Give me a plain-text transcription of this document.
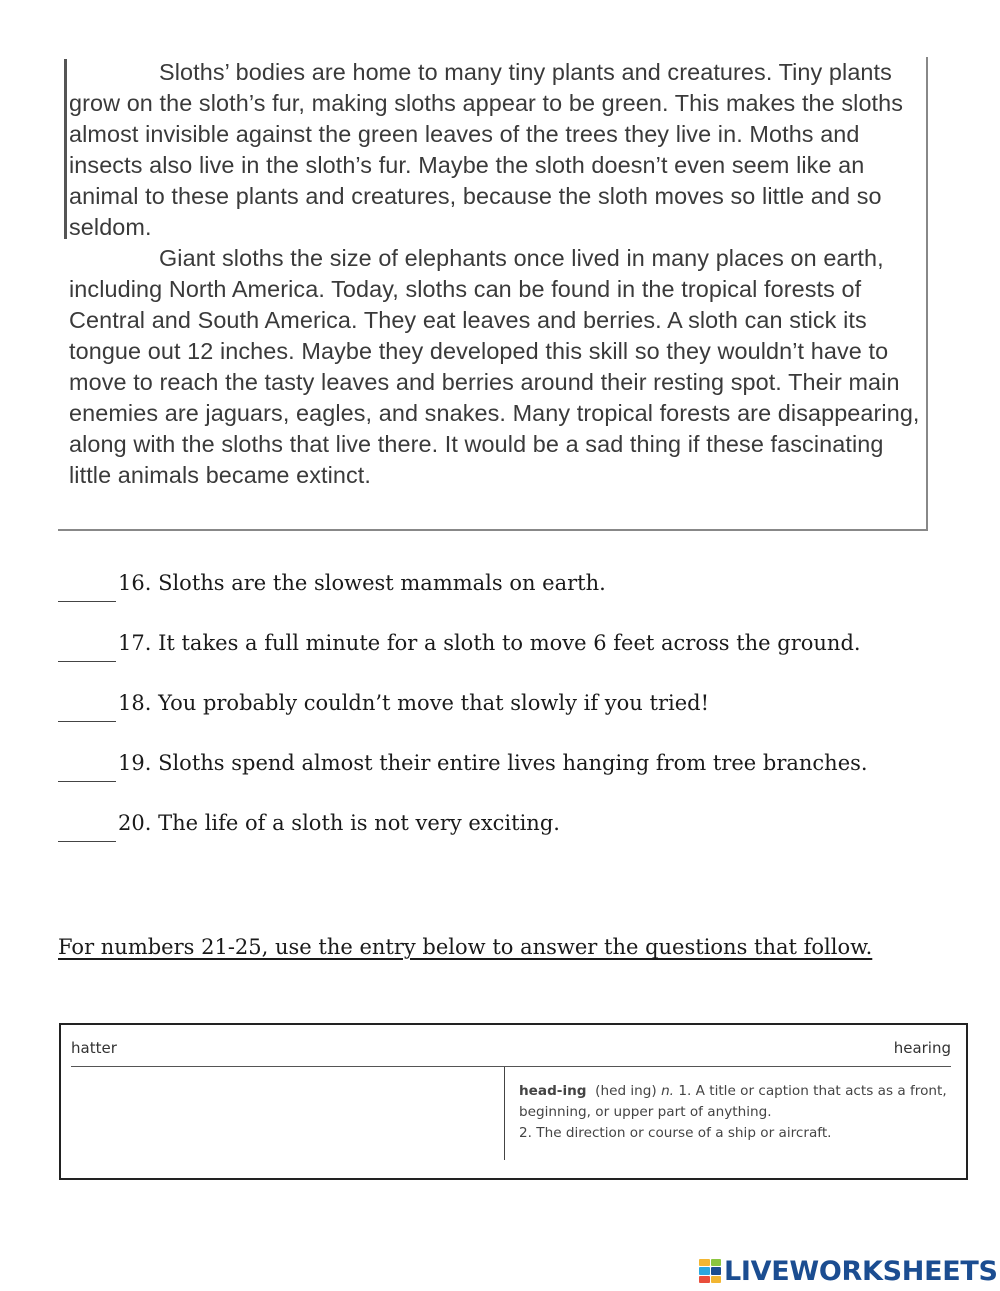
Sloths’ bodies are home to many tiny plants and creatures. Tiny plants grow on the sloth’s fur, making sloths appear to be green. This makes the sloths almost invisible against the green leaves of the trees they live in. Moths and insects also live in the sloth’s fur. Maybe the sloth doesn’t even seem like an animal to these plants and creatures, because the sloth moves so little and so seldom.

Giant sloths the size of elephants once lived in many places on earth, including North America. Today, sloths can be found in the tropical forests of Central and South America. They eat leaves and berries. A sloth can stick its tongue out 12 inches. Maybe they developed this skill so they wouldn’t have to move to reach the tasty leaves and berries around their resting spot. Their main enemies are jaguars, eagles, and snakes. Many tropical forests are disappearing, along with the sloths that live there. It would be a sad thing if these fascinating little animals became extinct.

16. Sloths are the slowest mammals on earth.
17. It takes a full minute for a sloth to move 6 feet across the ground.
18. You probably couldn’t move that slowly if you tried!
19. Sloths spend almost their entire lives hanging from tree branches.
20. The life of a sloth is not very exciting.
For numbers 21-25, use the entry below to answer the questions that follow.
hatter	hearing
head-ing (hed ing) n. 1. A title or caption that acts as a front, beginning, or upper part of anything.
2. The direction or course of a ship or aircraft.
LIVEWORKSHEETS
